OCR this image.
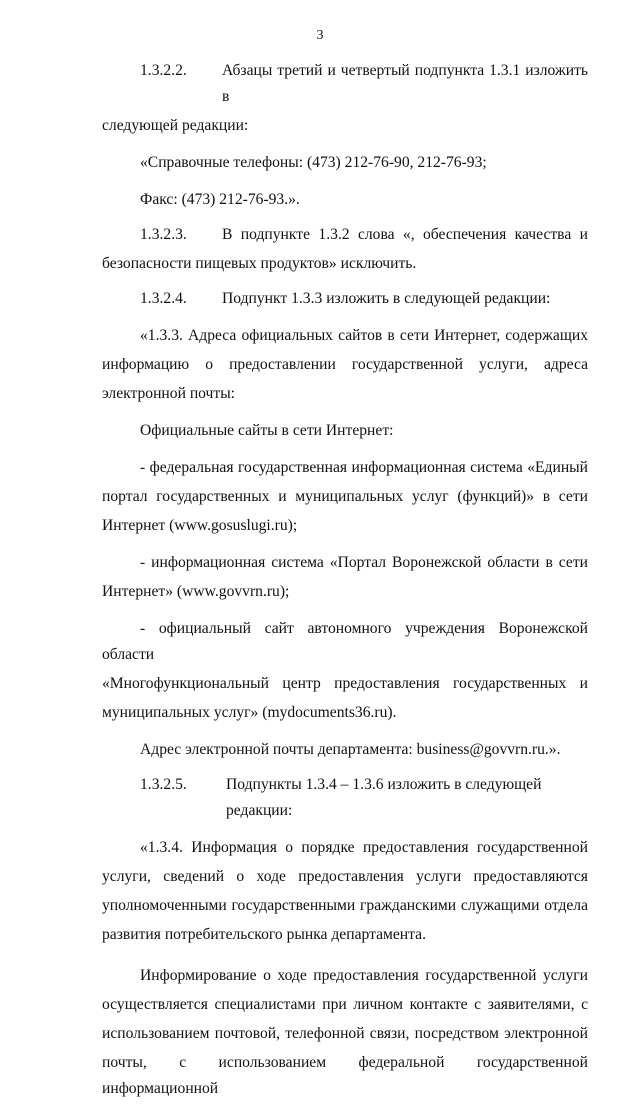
3
1.3.2.2.	Абзацы третий и четвертый подпункта 1.3.1 изложить в

следующей редакции:

«Справочные телефоны: (473) 212-76-90, 212-76-93;

Факс: (473) 212-76-93.».

1.3.2.3.	В подпункте 1.3.2 слова «, обеспечения качества и

безопасности пищевых продуктов» исключить.

1.3.2.4.	Подпункт 1.3.3 изложить в следующей редакции:
«1.3.3. Адреса официальных сайтов в сети Интернет, содержащих
информацию о предоставлении государственной услуги, адреса
электронной почты:

Официальные сайты в сети Интернет:

- федеральная государственная информационная система «Единый
портал государственных и муниципальных услуг (функций)» в сети
Интернет (www.gosuslugi.ru);
- информационная система «Портал Воронежской области в сети
Интернет» (www.govvrn.ru);
- официальный сайт автономного учреждения Воронежской области
«Многофункциональный центр предоставления государственных и
муниципальных услуг» (mydocuments36.ru).

Адрес электронной почты департамента: business@govvrn.ru.».

1.3.2.5.	Подпункты 1.3.4 – 1.3.6 изложить в следующей редакции:
«1.3.4. Информация о порядке предоставления государственной
услуги, сведений о ходе предоставления услуги предоставляются
уполномоченными государственными гражданскими служащими отдела
развития потребительского рынка департамента.
Информирование о ходе предоставления государственной услуги
осуществляется специалистами при личном контакте с заявителями, с
использованием почтовой, телефонной связи, посредством электронной
почты, с использованием федеральной государственной информационной
